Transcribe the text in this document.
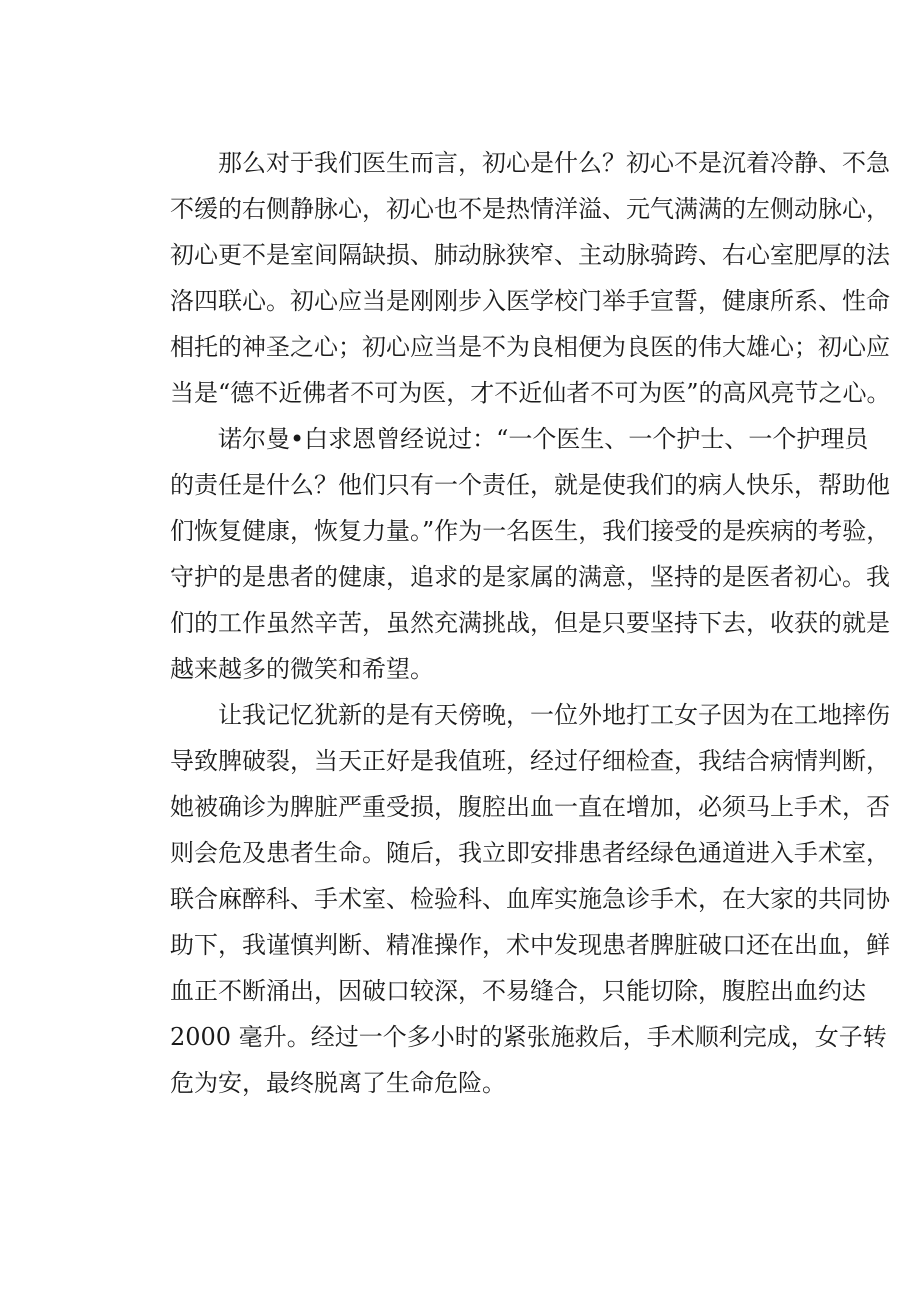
那么对于我们医生而言，初心是什么？初心不是沉着冷静、不急
不缓的右侧静脉心，初心也不是热情洋溢、元气满满的左侧动脉心，
初心更不是室间隔缺损、肺动脉狭窄、主动脉骑跨、右心室肥厚的法
洛四联心。初心应当是刚刚步入医学校门举手宣誓，健康所系、性命
相托的神圣之心；初心应当是不为良相便为良医的伟大雄心；初心应
当是“德不近佛者不可为医，才不近仙者不可为医”的高风亮节之心。
诺尔曼•白求恩曾经说过：“一个医生、一个护士、一个护理员
的责任是什么？他们只有一个责任，就是使我们的病人快乐，帮助他
们恢复健康，恢复力量。”作为一名医生，我们接受的是疾病的考验，
守护的是患者的健康，追求的是家属的满意，坚持的是医者初心。我
们的工作虽然辛苦，虽然充满挑战，但是只要坚持下去，收获的就是
越来越多的微笑和希望。
让我记忆犹新的是有天傍晚，一位外地打工女子因为在工地摔伤
导致脾破裂，当天正好是我值班，经过仔细检查，我结合病情判断，
她被确诊为脾脏严重受损，腹腔出血一直在增加，必须马上手术，否
则会危及患者生命。随后，我立即安排患者经绿色通道进入手术室，
联合麻醉科、手术室、检验科、血库实施急诊手术，在大家的共同协
助下，我谨慎判断、精准操作，术中发现患者脾脏破口还在出血，鲜
血正不断涌出，因破口较深，不易缝合，只能切除，腹腔出血约达
2000 毫升。经过一个多小时的紧张施救后，手术顺利完成，女子转
危为安，最终脱离了生命危险。
